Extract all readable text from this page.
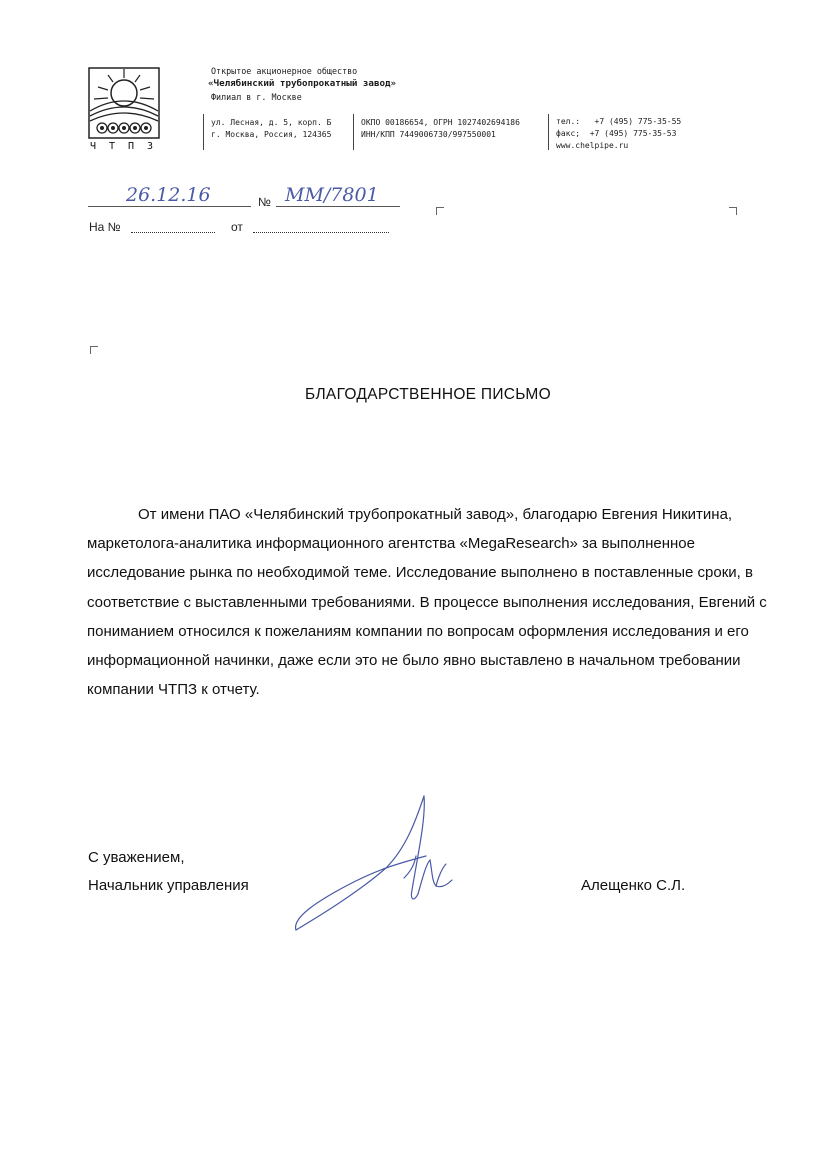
ЧТПЗ
Открытое акционерное общество
«Челябинский трубопрокатный завод»
Филиал в г. Москве
ул. Лесная, д. 5, корп. Б
г. Москва, Россия, 124365
ОКПО 00186654, ОГРН 1027402694186
ИНН/КПП 7449006730/997550001
тел.:   +7 (495) 775-35-55
факс;  +7 (495) 775-35-53
www.chelpipe.ru
26.12.16	№ ММ/7801
На №	от
БЛАГОДАРСТВЕННОЕ ПИСЬМО
От имени ПАО «Челябинский трубопрокатный завод», благодарю Евгения Никитина, маркетолога-аналитика информационного агентства «MegaResearch» за выполненное исследование рынка по необходимой теме. Исследование выполнено в поставленные сроки, в соответствие с выставленными требованиями. В процессе выполнения исследования, Евгений с пониманием относился к пожеланиям компании по вопросам оформления исследования и его информационной начинки, даже если это не было явно выставлено в начальном требовании компании ЧТПЗ к отчету.
С уважением,
Начальник управления	Алещенко С.Л.
